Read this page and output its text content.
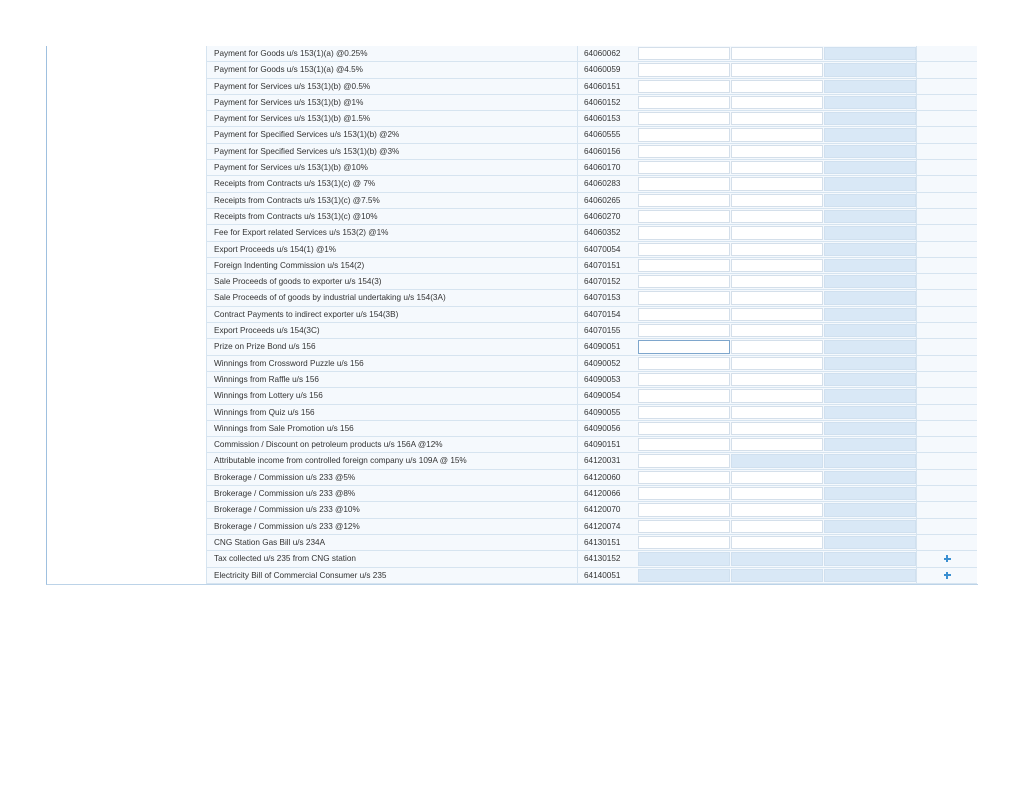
Payment for Goods u/s 153(1)(a) @0.25%	64060062
Payment for Goods u/s 153(1)(a) @4.5%	64060059
Payment for Services u/s 153(1)(b) @0.5%	64060151
Payment for Services u/s 153(1)(b) @1%	64060152
Payment for Services u/s 153(1)(b) @1.5%	64060153
Payment for Specified Services u/s 153(1)(b) @2%	64060555
Payment for Specified Services u/s 153(1)(b) @3%	64060156
Payment for Services u/s 153(1)(b) @10%	64060170
Receipts from Contracts u/s 153(1)(c) @ 7%	64060283
Receipts from Contracts u/s 153(1)(c) @7.5%	64060265
Receipts from Contracts u/s 153(1)(c) @10%	64060270
Fee for Export related Services u/s 153(2) @1%	64060352
Export Proceeds u/s 154(1) @1%	64070054
Foreign Indenting Commission u/s 154(2)	64070151
Sale Proceeds of goods to exporter u/s 154(3)	64070152
Sale Proceeds of of goods by industrial undertaking u/s 154(3A)	64070153
Contract Payments to indirect exporter u/s 154(3B)	64070154
Export Proceeds u/s 154(3C)	64070155
Prize on Prize Bond u/s 156	64090051
Winnings from Crossword Puzzle u/s 156	64090052
Winnings from Raffle u/s 156	64090053
Winnings from Lottery u/s 156	64090054
Winnings from Quiz u/s 156	64090055
Winnings from Sale Promotion u/s 156	64090056
Commission / Discount on petroleum products u/s 156A @12%	64090151
Attributable income from controlled foreign company u/s 109A @ 15%	64120031
Brokerage / Commission u/s 233 @5%	64120060
Brokerage / Commission u/s 233 @8%	64120066
Brokerage / Commission u/s 233 @10%	64120070
Brokerage / Commission u/s 233 @12%	64120074
CNG Station Gas Bill u/s 234A	64130151
Tax collected u/s 235 from CNG station	64130152
Electricity Bill of Commercial Consumer u/s 235	64140051
